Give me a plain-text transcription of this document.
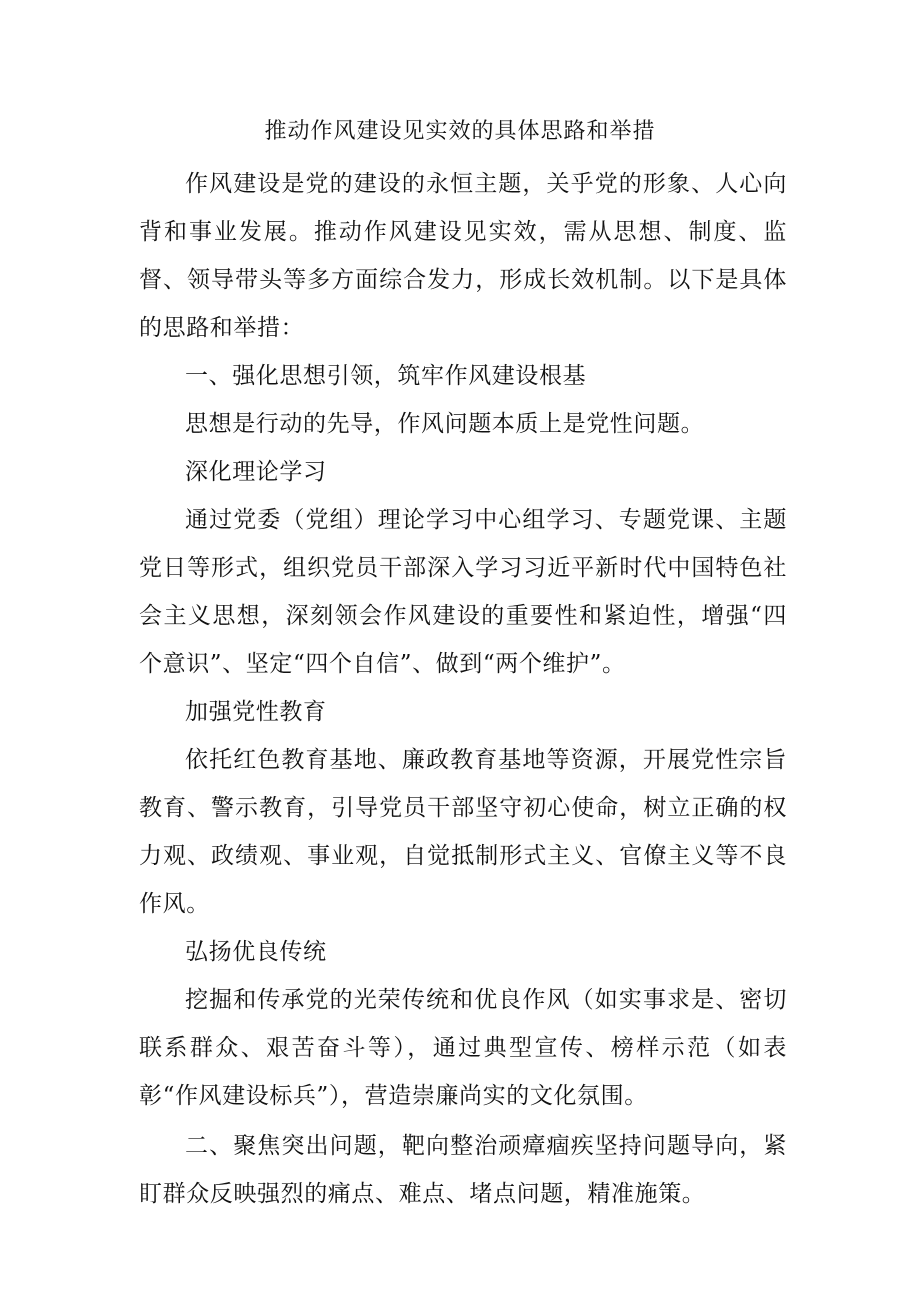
推动作风建设见实效的具体思路和举措

作风建设是党的建设的永恒主题，关乎党的形象、人心向背和事业发展。推动作风建设见实效，需从思想、制度、监督、领导带头等多方面综合发力，形成长效机制。以下是具体的思路和举措：

一、强化思想引领，筑牢作风建设根基

思想是行动的先导，作风问题本质上是党性问题。

深化理论学习

通过党委（党组）理论学习中心组学习、专题党课、主题党日等形式，组织党员干部深入学习习近平新时代中国特色社会主义思想，深刻领会作风建设的重要性和紧迫性，增强“四个意识”、坚定“四个自信”、做到“两个维护”。

加强党性教育

依托红色教育基地、廉政教育基地等资源，开展党性宗旨教育、警示教育，引导党员干部坚守初心使命，树立正确的权力观、政绩观、事业观，自觉抵制形式主义、官僚主义等不良作风。

弘扬优良传统

挖掘和传承党的光荣传统和优良作风（如实事求是、密切联系群众、艰苦奋斗等），通过典型宣传、榜样示范（如表彰“作风建设标兵”），营造崇廉尚实的文化氛围。

二、聚焦突出问题，靶向整治顽瘴痼疾坚持问题导向，紧盯群众反映强烈的痛点、难点、堵点问题，精准施策。
